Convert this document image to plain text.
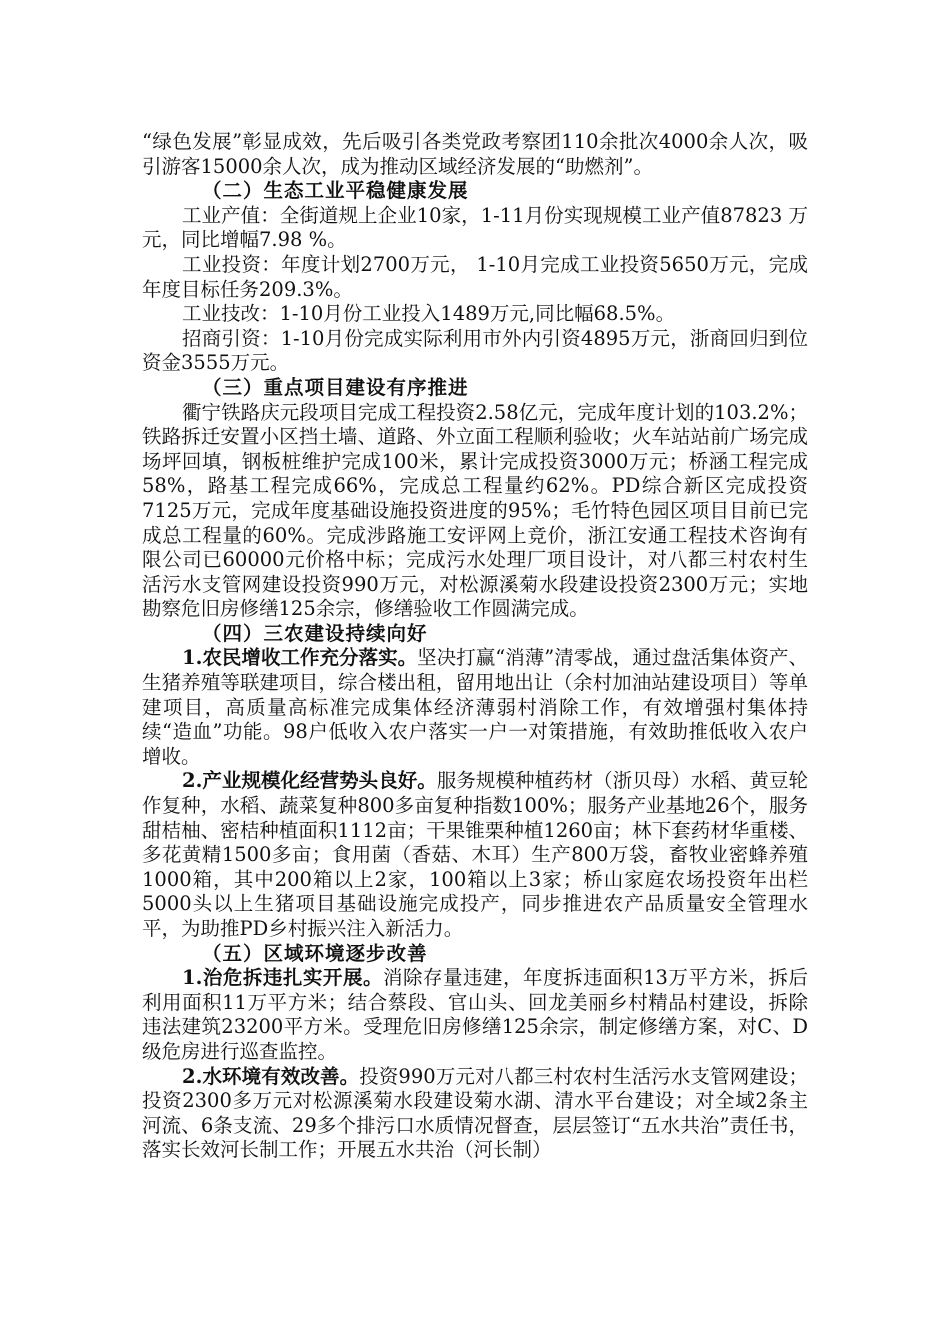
“绿色发展”彰显成效，先后吸引各类党政考察团110余批次4000余人次，吸引游客15000余人次，成为推动区域经济发展的“助燃剂”。

（二）生态工业平稳健康发展

工业产值：全街道规上企业10家，1-11月份实现规模工业产值87823 万元，同比增幅7.98 %。

工业投资：年度计划2700万元， 1-10月完成工业投资5650万元，完成年度目标任务209.3%。

工业技改：1-10月份工业投入1489万元,同比幅68.5%。

招商引资：1-10月份完成实际利用市外内引资4895万元，浙商回归到位资金3555万元。

（三）重点项目建设有序推进

衢宁铁路庆元段项目完成工程投资2.58亿元，完成年度计划的103.2%；铁路拆迁安置小区挡土墙、道路、外立面工程顺利验收；火车站站前广场完成场坪回填，钢板桩维护完成100米，累计完成投资3000万元；桥涵工程完成58%，路基工程完成66%，完成总工程量约62%。PD综合新区完成投资7125万元，完成年度基础设施投资进度的95%；毛竹特色园区项目目前已完成总工程量的60%。完成涉路施工安评网上竞价，浙江安通工程技术咨询有限公司已60000元价格中标；完成污水处理厂项目设计，对八都三村农村生活污水支管网建设投资990万元，对松源溪菊水段建设投资2300万元；实地勘察危旧房修缮125余宗，修缮验收工作圆满完成。

（四）三农建设持续向好

1.农民增收工作充分落实。坚决打赢“消薄”清零战，通过盘活集体资产、生猪养殖等联建项目，综合楼出租，留用地出让（余村加油站建设项目）等单建项目，高质量高标准完成集体经济薄弱村消除工作，有效增强村集体持续“造血”功能。98户低收入农户落实一户一对策措施，有效助推低收入农户增收。

2.产业规模化经营势头良好。服务规模种植药材（浙贝母）水稻、黄豆轮作复种，水稻、蔬菜复种800多亩复种指数100%；服务产业基地26个，服务甜桔柚、密桔种植面积1112亩；干果锥栗种植1260亩；林下套药材华重楼、多花黄精1500多亩；食用菌（香菇、木耳）生产800万袋，畜牧业密蜂养殖1000箱，其中200箱以上2家，100箱以上3家；桥山家庭农场投资年出栏5000头以上生猪项目基础设施完成投产，同步推进农产品质量安全管理水平，为助推PD乡村振兴注入新活力。

（五）区域环境逐步改善

1.治危拆违扎实开展。消除存量违建，年度拆违面积13万平方米，拆后利用面积11万平方米；结合蔡段、官山头、回龙美丽乡村精品村建设，拆除违法建筑23200平方米。受理危旧房修缮125余宗，制定修缮方案，对C、D级危房进行巡查监控。

2.水环境有效改善。投资990万元对八都三村农村生活污水支管网建设；投资2300多万元对松源溪菊水段建设菊水湖、清水平台建设；对全域2条主河流、6条支流、29多个排污口水质情况督查，层层签订“五水共治”责任书，落实长效河长制工作；开展五水共治（河长制）
